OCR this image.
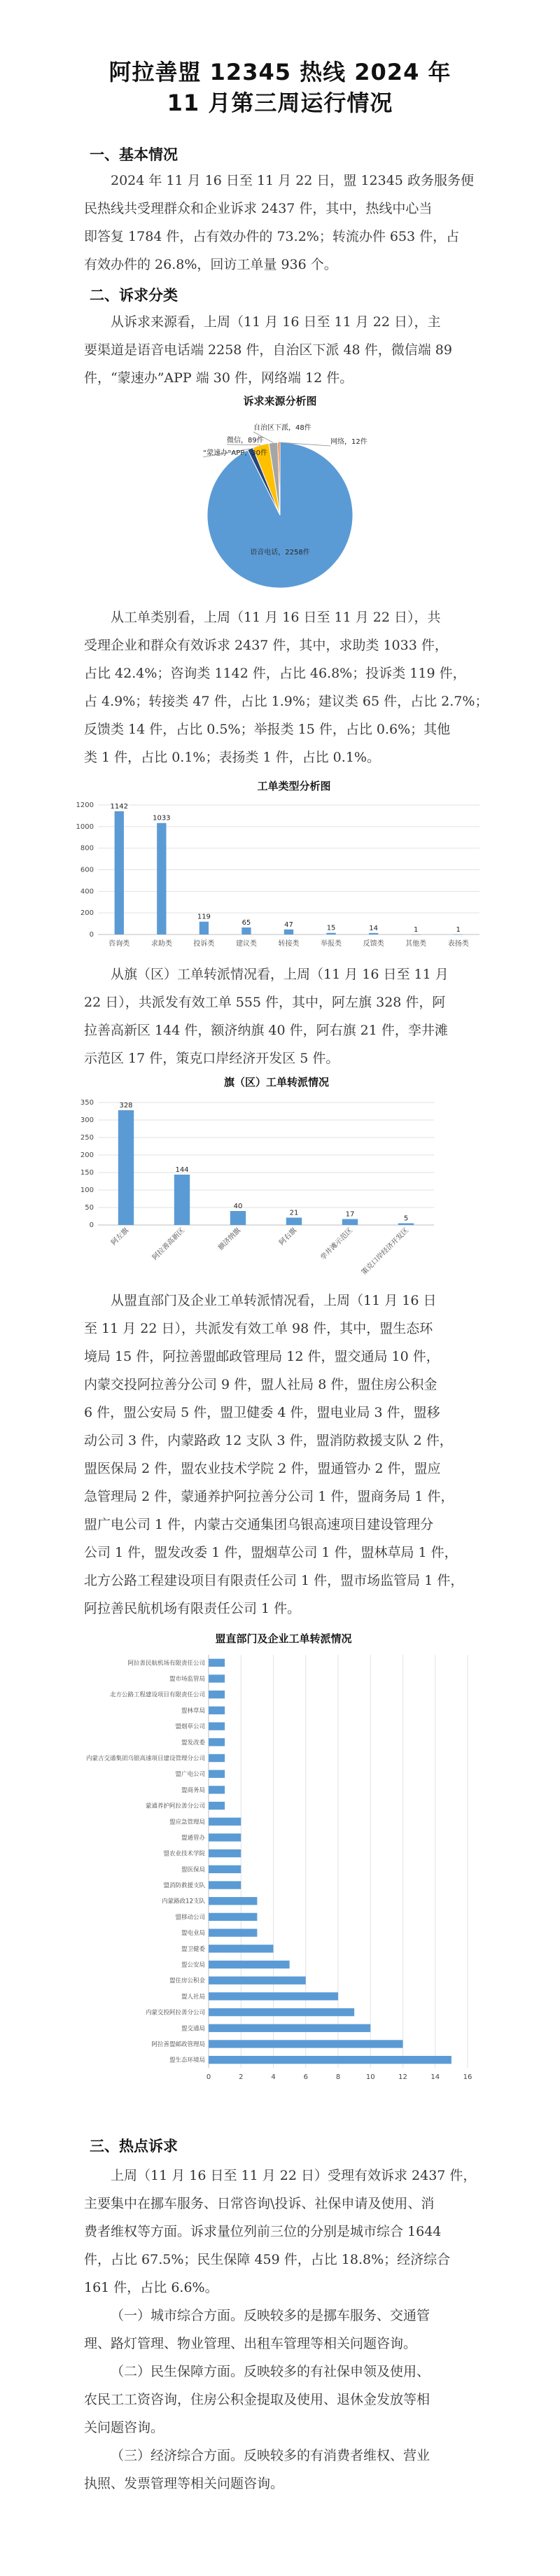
阿拉善盟 12345 热线 2024 年
11 月第三周运行情况
一、基本情况
2024 年 11 月 16 日至 11 月 22 日，盟 12345 政务服务便
民热线共受理群众和企业诉求 2437 件，其中，热线中心当
即答复 1784 件，占有效办件的 73.2%；转流办件 653 件，占
有效办件的 26.8%，回访工单量 936 个。
二、诉求分类
从诉求来源看，上周（11 月 16 日至 11 月 22 日），主
要渠道是语音电话端 2258 件，自治区下派 48 件，微信端 89
件，“蒙速办”APP 端 30 件，网络端 12 件。
诉求来源分析图
语音电话，2258件
网络，12件
自治区下派，48件
微信，89件
“蒙速办”APP，30件
从工单类别看，上周（11 月 16 日至 11 月 22 日），共
受理企业和群众有效诉求 2437 件，其中，求助类 1033 件，
占比 42.4%；咨询类 1142 件，占比 46.8%；投诉类 119 件，
占 4.9%；转接类 47 件，占比 1.9%；建议类 65 件，占比 2.7%；
反馈类 14 件，占比 0.5%；举报类 15 件，占比 0.6%；其他
类 1 件，占比 0.1%；表扬类 1 件，占比 0.1%。
工单类型分析图
0
200
400
600
800
1000
1200 1142
咨询类
1033
求助类
119
投诉类
65
建议类
47
转接类
15
举报类
14
反馈类
1
其他类
1
表扬类
从旗（区）工单转派情况看，上周（11 月 16 日至 11 月
22 日），共派发有效工单 555 件，其中，阿左旗 328 件，阿
拉善高新区 144 件，额济纳旗 40 件，阿右旗 21 件，孪井滩
示范区 17 件，策克口岸经济开发区 5 件。
旗（区）工单转派情况
0
50
100
150
200
250
300
350	328
阿左旗
144
阿拉善高新区
40
额济纳旗
21
阿右旗
17
孪井滩示范区
5
策克口岸经济开发区
从盟直部门及企业工单转派情况看，上周（11 月 16 日
至 11 月 22 日），共派发有效工单 98 件，其中，盟生态环
境局 15 件，阿拉善盟邮政管理局 12 件，盟交通局 10 件，
内蒙交投阿拉善分公司 9 件，盟人社局 8 件，盟住房公积金
6 件，盟公安局 5 件，盟卫健委 4 件，盟电业局 3 件，盟移
动公司 3 件，内蒙路政 12 支队 3 件，盟消防救援支队 2 件，
盟医保局 2 件，盟农业技术学院 2 件，盟通管办 2 件，盟应
急管理局 2 件，蒙通养护阿拉善分公司 1 件，盟商务局 1 件，
盟广电公司 1 件，内蒙古交通集团乌银高速项目建设管理分
公司 1 件，盟发改委 1 件，盟烟草公司 1 件，盟林草局 1 件，
北方公路工程建设项目有限责任公司 1 件，盟市场监管局 1 件，
阿拉善民航机场有限责任公司 1 件。
盟直部门及企业工单转派情况
0	2	4	6	8	10	12	14	16
阿拉善民航机场有限责任公司
盟市场监管局
北方公路工程建设项目有限责任公司
盟林草局
盟烟草公司
盟发改委
内蒙古交通集团乌银高速项目建设管理分公司
盟广电公司
盟商务局
蒙通养护阿拉善分公司
盟应急管理局
盟通管办
盟农业技术学院
盟医保局
盟消防救援支队
内蒙路政12支队
盟移动公司
盟电业局
盟卫健委
盟公安局
盟住房公积金
盟人社局
内蒙交投阿拉善分公司
盟交通局
阿拉善盟邮政管理局
盟生态环境局
三、热点诉求
上周（11 月 16 日至 11 月 22 日）受理有效诉求 2437 件，
主要集中在挪车服务、日常咨询\投诉、社保申请及使用、消
费者维权等方面。诉求量位列前三位的分别是城市综合 1644
件，占比 67.5%；民生保障 459 件，占比 18.8%；经济综合
161 件，占比 6.6%。
（一）城市综合方面。反映较多的是挪车服务、交通管
理、路灯管理、物业管理、出租车管理等相关问题咨询。
（二）民生保障方面。反映较多的有社保申领及使用、
农民工工资咨询，住房公积金提取及使用、退休金发放等相
关问题咨询。
（三）经济综合方面。反映较多的有消费者维权、营业
执照、发票管理等相关问题咨询。
